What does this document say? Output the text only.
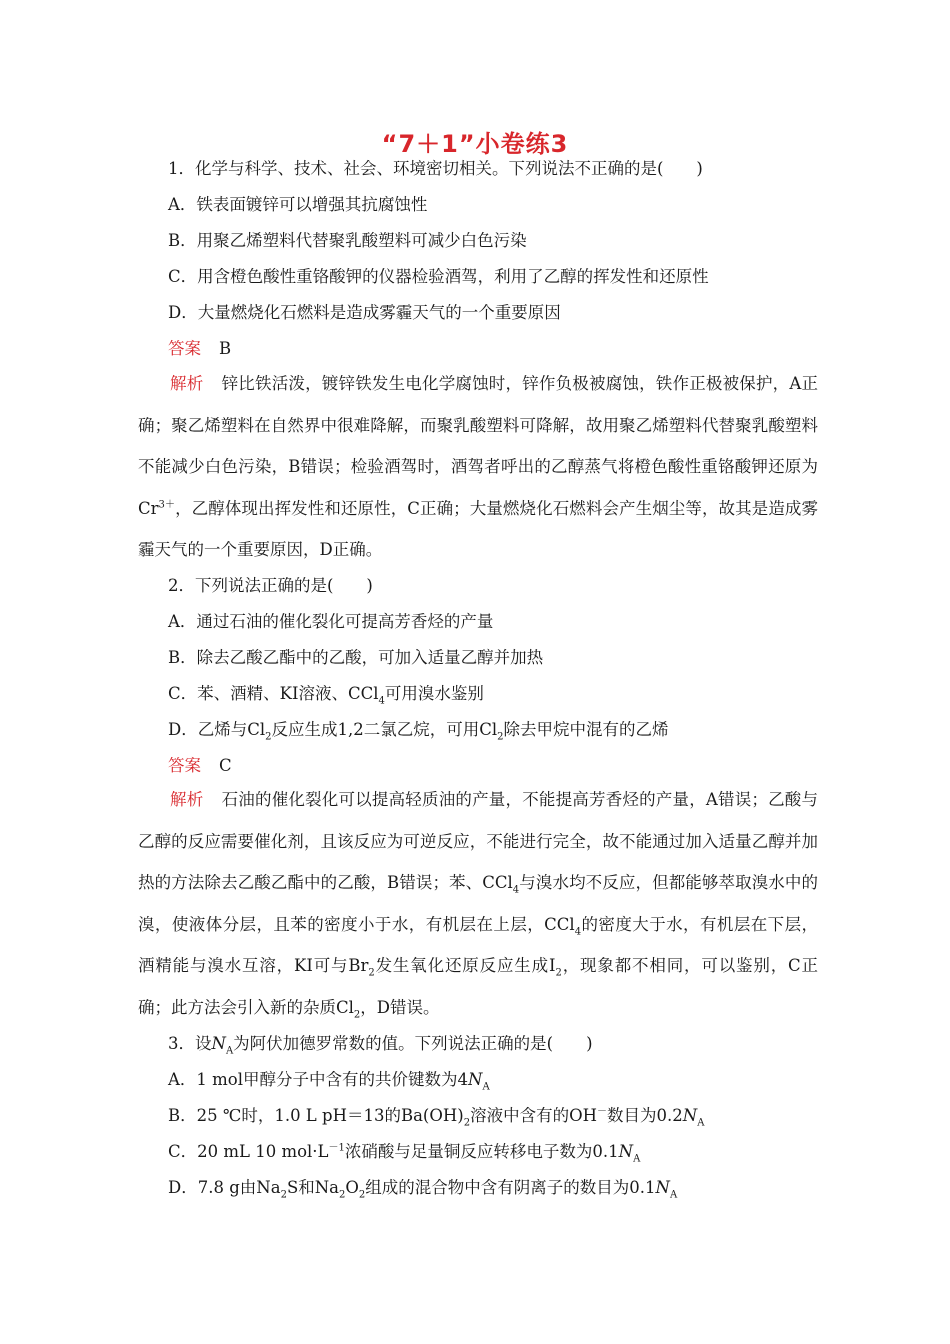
“7＋1”小卷练3
1．化学与科学、技术、社会、环境密切相关。下列说法不正确的是(　　)
A．铁表面镀锌可以增强其抗腐蚀性
B．用聚乙烯塑料代替聚乳酸塑料可减少白色污染
C．用含橙色酸性重铬酸钾的仪器检验酒驾，利用了乙醇的挥发性和还原性
D．大量燃烧化石燃料是造成雾霾天气的一个重要原因
答案 B
解析 锌比铁活泼，镀锌铁发生电化学腐蚀时，锌作负极被腐蚀，铁作正极被保护，A正确；聚乙烯塑料在自然界中很难降解，而聚乳酸塑料可降解，故用聚乙烯塑料代替聚乳酸塑料不能减少白色污染，B错误；检验酒驾时，酒驾者呼出的乙醇蒸气将橙色酸性重铬酸钾还原为$Cr^{3+}$，乙醇体现出挥发性和还原性，C正确；大量燃烧化石燃料会产生烟尘等，故其是造成雾霾天气的一个重要原因，D正确。
2．下列说法正确的是(　　)
A．通过石油的催化裂化可提高芳香烃的产量
B．除去乙酸乙酯中的乙酸，可加入适量乙醇并加热
C．苯、酒精、KI溶液、CCl$_4$可用溴水鉴别
D．乙烯与$Cl_2$反应生成1,2二氯乙烷，可用$Cl_2$除去甲烷中混有的乙烯
答案 C
解析 石油的催化裂化可以提高轻质油的产量，不能提高芳香烃的产量，A错误；乙酸与乙醇的反应需要催化剂，且该反应为可逆反应，不能进行完全，故不能通过加入适量乙醇并加热的方法除去乙酸乙酯中的乙酸，B错误；苯、CCl$_4$与溴水均不反应，但都能够萃取溴水中的溴，使液体分层，且苯的密度小于水，有机层在上层，CCl$_4$的密度大于水，有机层在下层，酒精能与溴水互溶，KI可与$Br_2$发生氧化还原反应生成$I_2$，现象都不相同，可以鉴别，C正确；此方法会引入新的杂质$Cl_2$，D错误。
3．设$N_A$为阿伏加德罗常数的值。下列说法正确的是(　　)
A．1 mol甲醇分子中含有的共价键数为$4N_A$
B．25 ℃时，1.0 L pH＝13的$Ba(OH)_2$溶液中含有的OH－数目为$0.2N_A$
C．20 mL 10 $mol\cdot L^{-1}$浓硝酸与足量铜反应转移电子数为$0.1N_A$
D．7.8 g由$Na_2S$和$Na_2O_2$组成的混合物中含有阴离子的数目为$0.1N_A$
